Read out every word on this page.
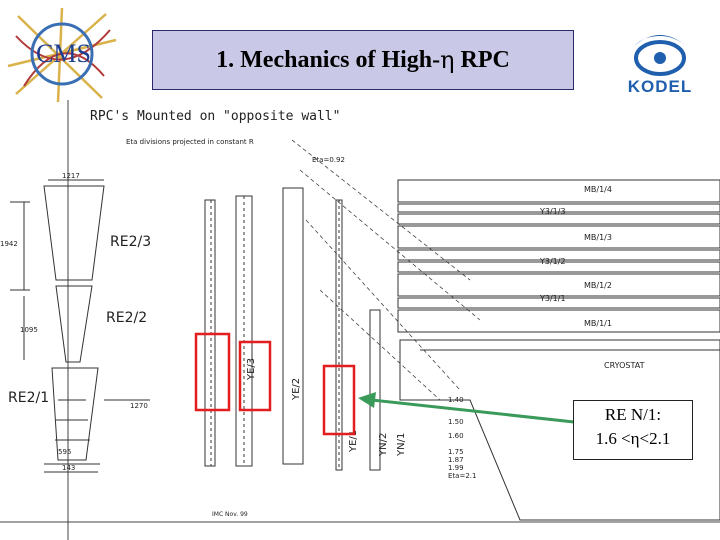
1. Mechanics of High- η RPC
CMS
KODEL
RPC's Mounted on "opposite wall"
Eta divisions projected in constant R
1217
1942
1095
1270
595
143
RE2/3
RE2/2
RE2/1
YE/3
YE/2
YE/1 YN/2 YN/1
Eta=0.92
MB/1/4
Y3/1/3
MB/1/3
Y3/1/2
MB/1/2
Y3/1/1
MB/1/1
CRYOSTAT
1.40
1.50
1.60
1.75
1.87
1.99
Eta=2.1
IMC Nov. 99
RE N/1:
1.6 <η<2.1
